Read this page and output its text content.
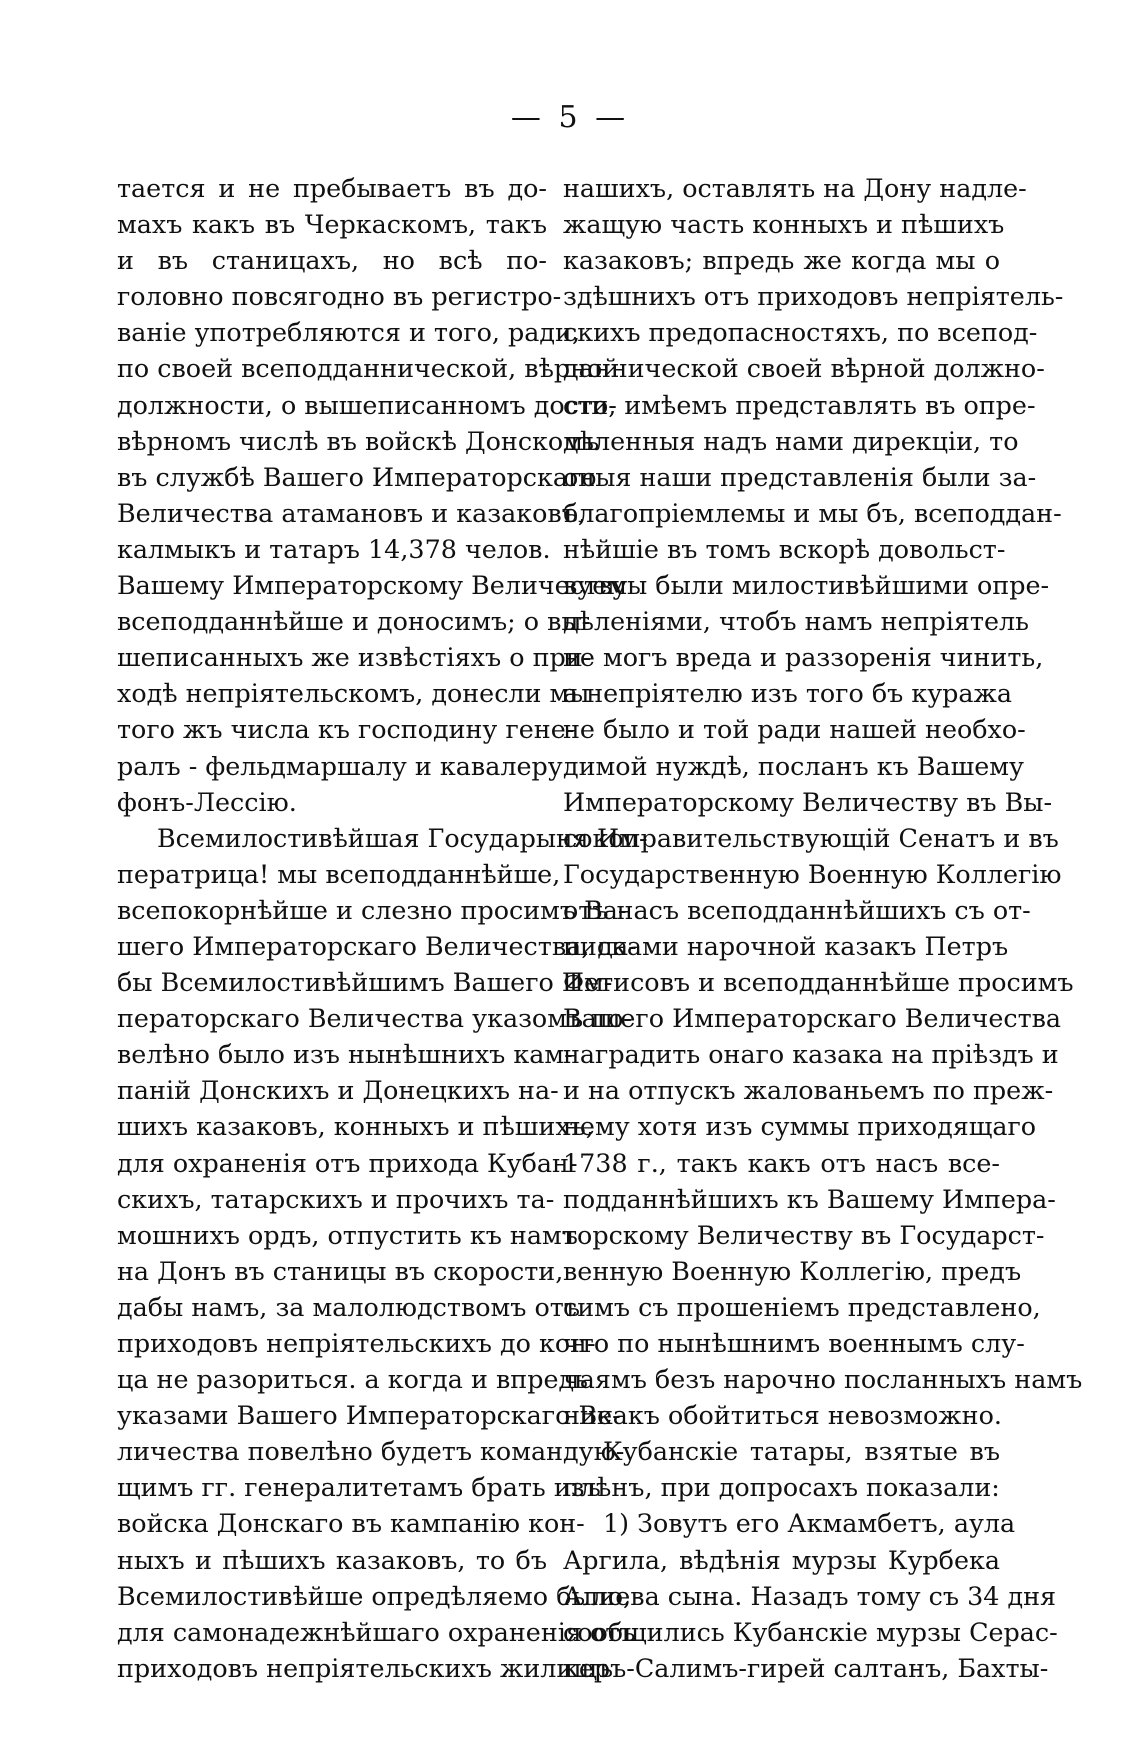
— 5 —
тается и не пребываетъ въ до-
махъ какъ въ Черкаскомъ, такъ
и въ станицахъ, но всѣ по-
головно повсягодно въ регистро-
ваніе употребляются и того, ради,
по своей всеподданнической, вѣрной
должности, о вышеписанномъ досто-
вѣрномъ числѣ въ войскѣ Донскомъ
въ службѣ Вашего Императорскаго
Величества атамановъ и казаковъ,
калмыкъ и татаръ 14,378 челов.
Вашему Императорскому Величеству
всеподданнѣйше и доносимъ; о вы-
шеписанныхъ же извѣстіяхъ о при-
ходѣ непріятельскомъ, донесли мы
того жъ числа къ господину гене-
ралъ - фельдмаршалу и кавалеру
фонъ-Лессію.
Всемилостивѣйшая Государыня Им-
ператрица! мы всеподданнѣйше,
всепокорнѣйше и слезно просимъ Ва-
шего Императорскаго Величества, да-
бы Всемилостивѣйшимъ Вашего Им-
ператорскаго Величества указомъ по-
велѣно было изъ нынѣшнихъ кам-
паній Донскихъ и Донецкихъ на-
шихъ казаковъ, конныхъ и пѣшихъ,
для охраненія отъ прихода Кубан-
скихъ, татарскихъ и прочихъ та-
мошнихъ ордъ, отпустить къ намъ
на Донъ въ станицы въ скорости,
дабы намъ, за малолюдствомъ отъ
приходовъ непріятельскихъ до кон-
ца не разориться. а когда и впредь
указами Вашего Императорскаго Ве-
личества повелѣно будетъ командую-
щимъ гг. генералитетамъ брать изъ
войска Донскаго въ кампанію кон-
ныхъ и пѣшихъ казаковъ, то бъ
Всемилостивѣйше опредѣляемо было,
для самонадежнѣйшаго охраненія отъ
приходовъ непріятельскихъ жилищъ
нашихъ, оставлять на Дону надле-
жащую часть конныхъ и пѣшихъ
казаковъ; впредь же когда мы о
здѣшнихъ отъ приходовъ непріятель-
скихъ предопасностяхъ, по всепод-
даннической своей вѣрной должно-
сти, имѣемъ представлять въ опре-
дѣленныя надъ нами дирекціи, то
оныя наши представленія были за-
благопріемлемы и мы бъ, всеподдан-
нѣйшіе въ томъ вскорѣ довольст-
вуемы были милостивѣйшими опре-
дѣленіями, чтобъ намъ непріятель
не могъ вреда и раззоренія чинить,
а непріятелю изъ того бъ куража
не было и той ради нашей необхо-
димой нуждѣ, посланъ къ Вашему
Императорскому Величеству въ Вы-
сокоправительствующій Сенатъ и въ
Государственную Военную Коллегію
отъ насъ всеподданнѣйшихъ съ от-
писками нарочной казакъ Петръ
Фетисовъ и всеподданнѣйше просимъ
Вашего Императорскаго Величества
наградить онаго казака на пріѣздъ и
и на отпускъ жалованьемъ по преж-
нему хотя изъ суммы приходящаго
1738 г., такъ какъ отъ насъ все-
подданнѣйшихъ къ Вашему Импера-
торскому Величеству въ Государст-
венную Военную Коллегію, предъ
симъ съ прошеніемъ представлено,
что по нынѣшнимъ военнымъ слу-
чаямъ безъ нарочно посланныхъ намъ
никакъ обойтиться невозможно.
Кубанскіе татары, взятые въ
плѣнъ, при допросахъ показали:
1) Зовутъ его Акмамбетъ, аула
Аргила, вѣдѣнія мурзы Курбека
Алиева сына. Назадъ тому съ 34 дня
сообщились Кубанскіе мурзы Серас-
керъ-Салимъ-гирей салтанъ, Бахты-
